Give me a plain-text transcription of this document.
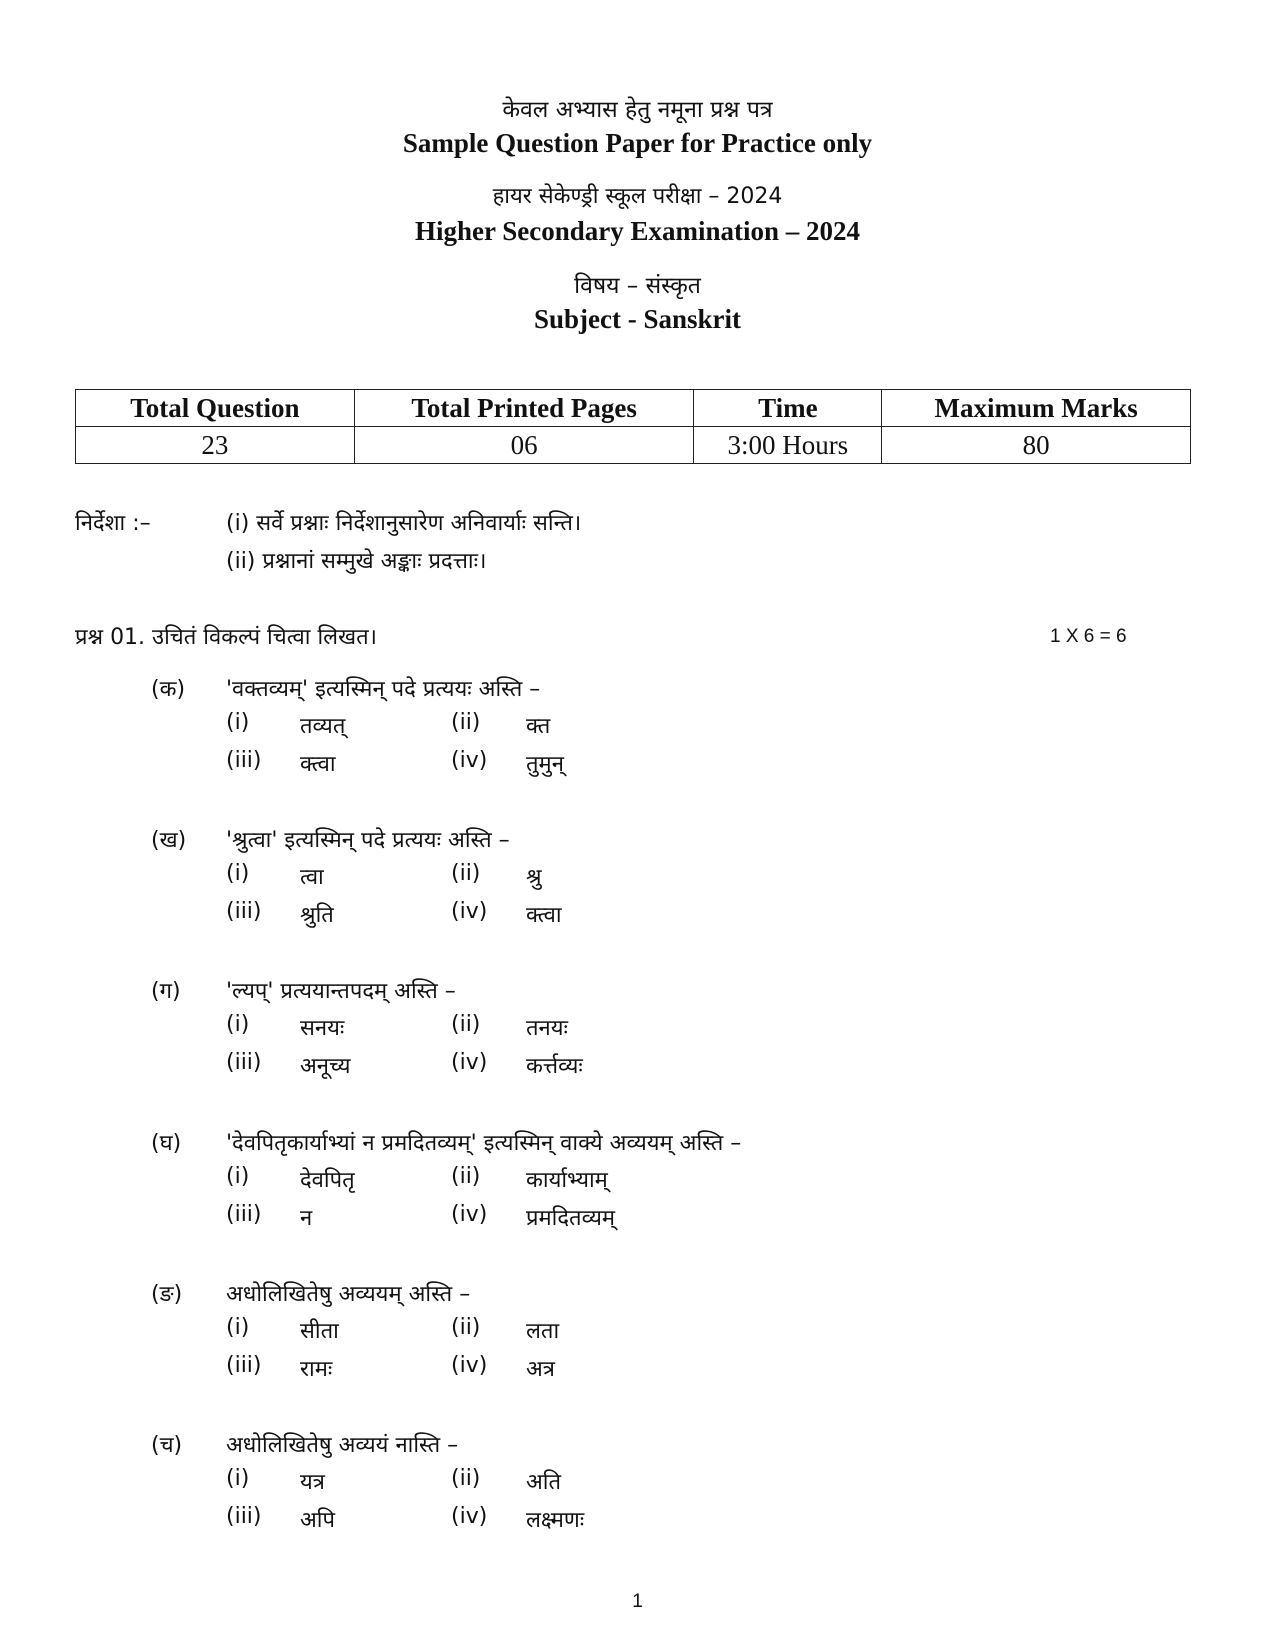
केवल अभ्यास हेतु नमूना प्रश्न पत्र
Sample Question Paper for Practice only
हायर सेकेण्ड्री स्कूल परीक्षा – 2024
Higher Secondary Examination – 2024
विषय – संस्कृत
Subject - Sanskrit
Total Question	Total Printed Pages	Time	Maximum Marks
23	06	3:00 Hours	80
निर्देशा :–	(i) सर्वे प्रश्नाः निर्देशानुसारेण अनिवार्याः सन्ति।
(ii) प्रश्नानां सम्मुखे अङ्काः प्रदत्ताः।
प्रश्न 01. उचितं विकल्पं चित्वा लिखत।	1 X 6 = 6
(क) 'वक्तव्यम्' इत्यस्मिन् पदे प्रत्ययः अस्ति –
(i) तव्यत्	(ii) क्त
(iii) क्त्वा	(iv) तुमुन्
(ख) 'श्रुत्वा' इत्यस्मिन् पदे प्रत्ययः अस्ति –
(i) त्वा	(ii) श्रु
(iii) श्रुति	(iv) क्त्वा
(ग) 'ल्यप्' प्रत्ययान्तपदम् अस्ति –
(i) सनयः	(ii) तनयः
(iii) अनूच्य	(iv) कर्त्तव्यः
(घ) 'देवपितृकार्याभ्यां न प्रमदितव्यम्' इत्यस्मिन् वाक्ये अव्ययम् अस्ति –
(i) देवपितृ	(ii) कार्याभ्याम्
(iii) न	(iv) प्रमदितव्यम्
(ङ) अधोलिखितेषु अव्ययम् अस्ति –
(i) सीता	(ii) लता
(iii) रामः	(iv) अत्र
(च) अधोलिखितेषु अव्ययं नास्ति –
(i) यत्र	(ii) अति
(iii) अपि	(iv) लक्ष्मणः
1
